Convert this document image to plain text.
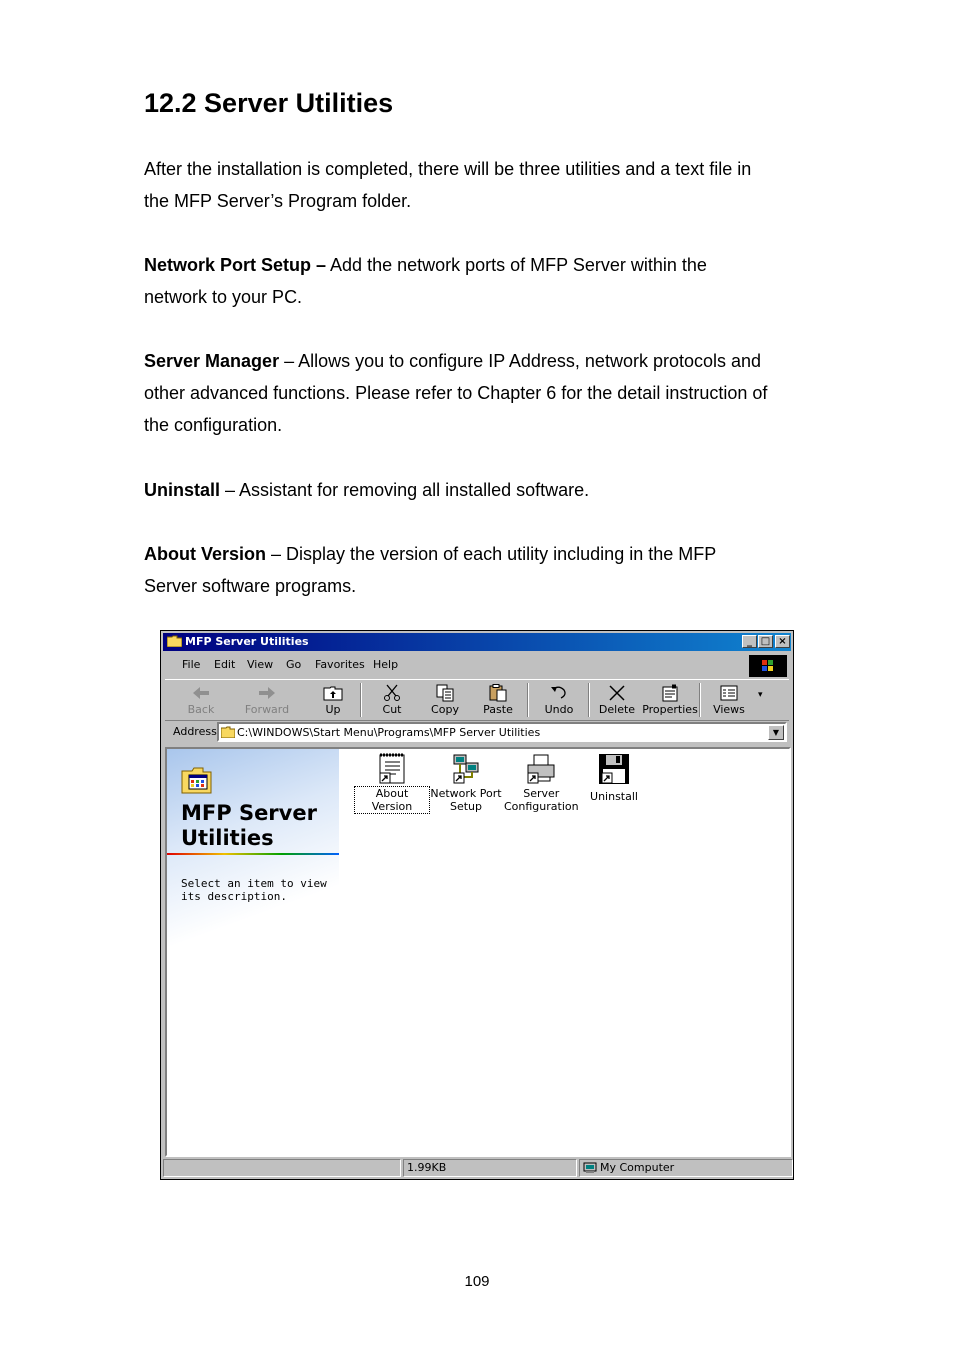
12.2 Server Utilities

After the installation is completed, there will be three utilities and a text file in
the MFP Server’s Program folder.

Network Port Setup – Add the network ports of MFP Server within the
network to your PC.

Server Manager – Allows you to configure IP Address, network protocols and
other advanced functions. Please refer to Chapter 6 for the detail instruction of
the configuration.

Uninstall – Assistant for removing all installed software.

About Version – Display the version of each utility including in the MFP
Server software programs.

MFP Server Utilities	_ □ ×
File Edit View Go Favorites Help
Back	Forward	Up	Cut	Copy	Paste	Undo	Delete Properties	Views
▾
Address C:\WINDOWS\Start Menu\Programs\MFP Server Utilities	▼
MFP Server
Utilities
Select an item to view its description.
About Version
Network Port Setup
Server Configuration
Uninstall
1.99KB	My Computer
109
